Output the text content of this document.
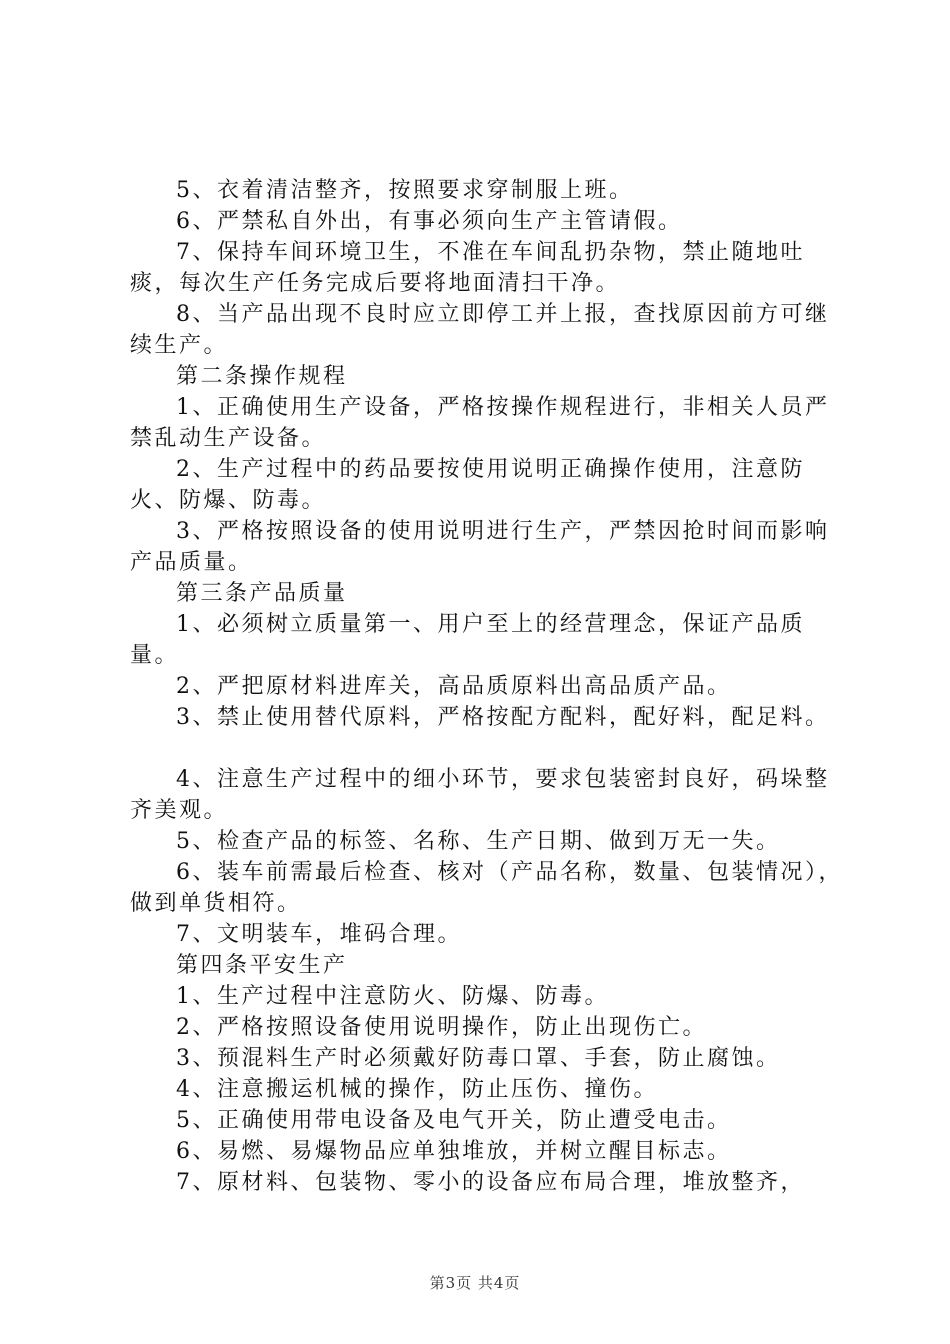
5、衣着清洁整齐，按照要求穿制服上班。

6、严禁私自外出，有事必须向生产主管请假。

7、保持车间环境卫生，不准在车间乱扔杂物，禁止随地吐痰，每次生产任务完成后要将地面清扫干净。

8、当产品出现不良时应立即停工并上报，查找原因前方可继续生产。

第二条操作规程

1、正确使用生产设备，严格按操作规程进行，非相关人员严禁乱动生产设备。

2、生产过程中的药品要按使用说明正确操作使用，注意防火、防爆、防毒。

3、严格按照设备的使用说明进行生产，严禁因抢时间而影响产品质量。

第三条产品质量

1、必须树立质量第一、用户至上的经营理念，保证产品质量。

2、严把原材料进库关，高品质原料出高品质产品。

3、禁止使用替代原料，严格按配方配料，配好料，配足料。

4、注意生产过程中的细小环节，要求包装密封良好，码垛整齐美观。

5、检查产品的标签、名称、生产日期、做到万无一失。

6、装车前需最后检查、核对（产品名称，数量、包装情况），做到单货相符。

7、文明装车，堆码合理。

第四条平安生产

1、生产过程中注意防火、防爆、防毒。

2、严格按照设备使用说明操作，防止出现伤亡。

3、预混料生产时必须戴好防毒口罩、手套，防止腐蚀。

4、注意搬运机械的操作，防止压伤、撞伤。

5、正确使用带电设备及电气开关，防止遭受电击。

6、易燃、易爆物品应单独堆放，并树立醒目标志。

7、原材料、包装物、零小的设备应布局合理，堆放整齐，

第3页 共4页
